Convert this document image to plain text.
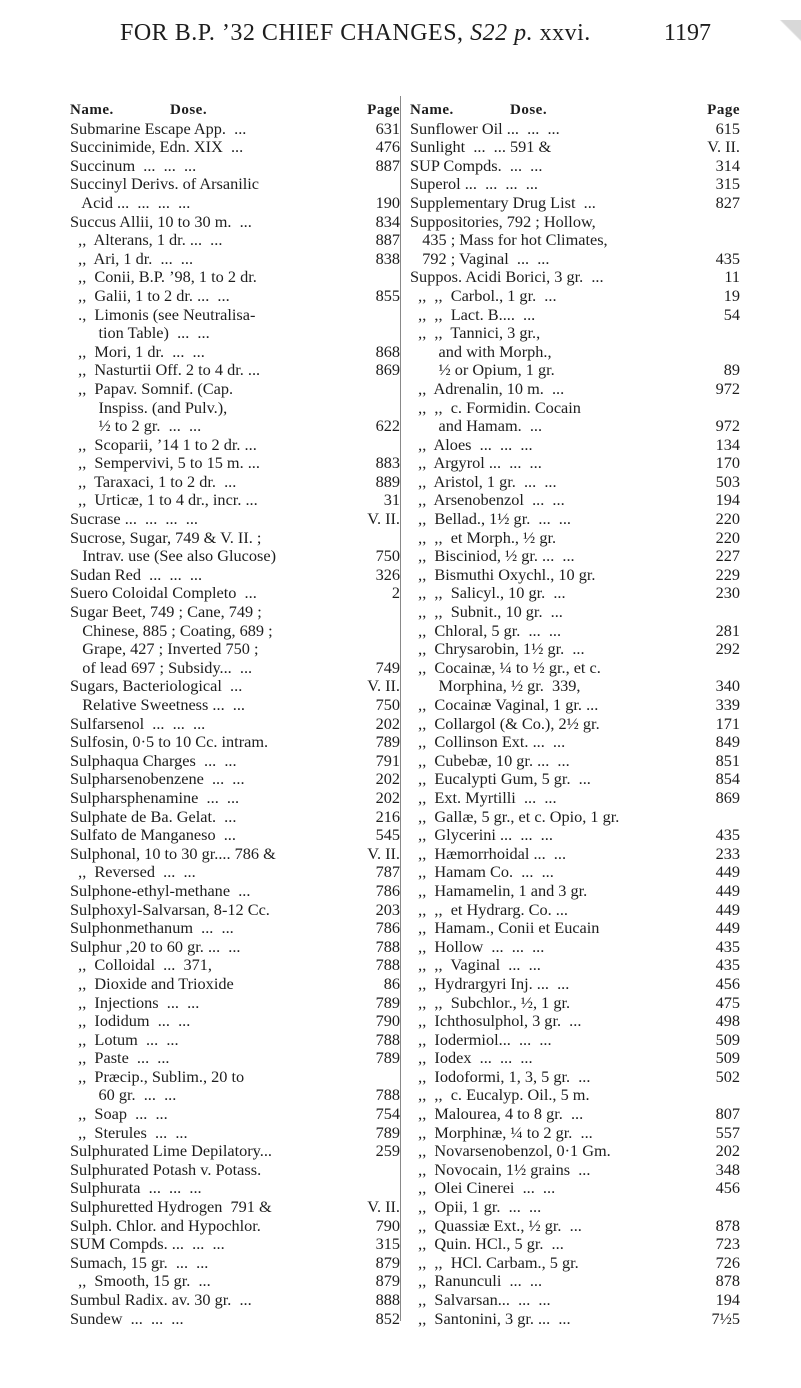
FOR B.P. ’32 CHIEF CHANGES, S22 p. xxvi.	1197
Name.	Dose.	Page
Submarine Escape App.  ...	631
Succinimide, Edn. XIX  ...	476
Succinum  ...  ...  ...	887
Succinyl Derivs. of Arsanilic
Acid ...  ...  ...  ...	190
Succus Allii, 10 to 30 m.  ...	834
,,  Alterans, 1 dr. ...  ...	887
,,  Ari, 1 dr.  ...  ...	838
,,  Conii, B.P. ’98, 1 to 2 dr.
,,  Galii, 1 to 2 dr. ...  ...	855
.,  Limonis (see Neutralisa-
tion Table)  ...  ...
,,  Mori, 1 dr.  ...  ...	868
,,  Nasturtii Off. 2 to 4 dr. ...	869
,,  Papav. Somnif. (Cap.
Inspiss. (and Pulv.),
½ to 2 gr.  ...  ...	622
,,  Scoparii, ’14 1 to 2 dr. ...
,,  Sempervivi, 5 to 15 m. ...	883
,,  Taraxaci, 1 to 2 dr.  ...	889
,,  Urticæ, 1 to 4 dr., incr. ...	31
Sucrase ...  ...  ...  ...	V. II.
Sucrose, Sugar, 749 & V. II. ;
Intrav. use (See also Glucose)	750
Sudan Red  ...  ...  ...	326
Suero Coloidal Completo  ...	2
Sugar Beet, 749 ; Cane, 749 ;
Chinese, 885 ; Coating, 689 ;
Grape, 427 ; Inverted 750 ;
of lead 697 ; Subsidy...  ...	749
Sugars, Bacteriological  ...	V. II.
Relative Sweetness ...  ...	750
Sulfarsenol  ...  ...  ...	202
Sulfosin, 0·5 to 10 Cc. intram.	789
Sulphaqua Charges  ...  ...	791
Sulpharsenobenzene  ...  ...	202
Sulpharsphenamine  ...  ...	202
Sulphate de Ba. Gelat.  ...	216
Sulfato de Manganeso  ...	545
Sulphonal, 10 to 30 gr.... 786 &	V. II.
,,  Reversed  ...  ...	787
Sulphone-ethyl-methane  ...	786
Sulphoxyl-Salvarsan, 8-12 Cc.	203
Sulphonmethanum  ...  ...	786
Sulphur ,20 to 60 gr. ...  ...	788
,,  Colloidal  ...  371,	788
,,  Dioxide and Trioxide	86
,,  Injections  ...  ...	789
,,  Iodidum  ...  ...	790
,,  Lotum  ...  ...	788
,,  Paste  ...  ...	789
,,  Præcip., Sublim., 20 to
60 gr.  ...  ...	788
,,  Soap  ...  ...	754
,,  Sterules  ...  ...	789
Sulphurated Lime Depilatory...	259
Sulphurated Potash v. Potass.
Sulphurata  ...  ...  ...
Sulphuretted Hydrogen  791 &	V. II.
Sulph. Chlor. and Hypochlor.	790
SUM Compds. ...  ...  ...	315
Sumach, 15 gr.  ...  ...	879
,,  Smooth, 15 gr.  ...	879
Sumbul Radix. av. 30 gr.  ...	888
Sundew  ...  ...  ...	852
Name.	Dose.	Page
Sunflower Oil ...  ...  ...	615
Sunlight  ...  ... 591 &	V. II.
SUP Compds.  ...  ...	314
Superol ...  ...  ...  ...	315
Supplementary Drug List  ...	827
Suppositories, 792 ; Hollow,
435 ; Mass for hot Climates,
792 ; Vaginal  ...  ...	435
Suppos. Acidi Borici, 3 gr.  ...	11
,,  ,,  Carbol., 1 gr.  ...	19
,,  ,,  Lact. B....  ...	54
,,  ,,  Tannici, 3 gr.,
and with Morph.,
½ or Opium, 1 gr.	89
,,  Adrenalin, 10 m.  ...	972
,,  ,,  c. Formidin. Cocain
and Hamam.  ...	972
,,  Aloes  ...  ...  ...	134
,,  Argyrol ...  ...  ...	170
,,  Aristol, 1 gr.  ...  ...	503
,,  Arsenobenzol  ...  ...	194
,,  Bellad., 1½ gr.  ...  ...	220
,,  ,,  et Morph., ½ gr.	220
,,  Bisciniod, ½ gr. ...  ...	227
,,  Bismuthi Oxychl., 10 gr.	229
,,  ,,  Salicyl., 10 gr.  ...	230
,,  ,,  Subnit., 10 gr.  ...
,,  Chloral, 5 gr.  ...  ...	281
,,  Chrysarobin, 1½ gr.  ...	292
,,  Cocainæ, ¼ to ½ gr., et c.
Morphina, ½ gr.  339,	340
,,  Cocainæ Vaginal, 1 gr. ...	339
,,  Collargol (& Co.), 2½ gr.	171
,,  Collinson Ext. ...  ...	849
,,  Cubebæ, 10 gr. ...  ...	851
,,  Eucalypti Gum, 5 gr.  ...	854
,,  Ext. Myrtilli  ...  ...	869
,,  Gallæ, 5 gr., et c. Opio, 1 gr.
,,  Glycerini ...  ...  ...	435
,,  Hæmorrhoidal ...  ...	233
,,  Hamam Co.  ...  ...	449
,,  Hamamelin, 1 and 3 gr.	449
,,  ,,  et Hydrarg. Co. ...	449
,,  Hamam., Conii et Eucain	449
,,  Hollow  ...  ...  ...	435
,,  ,,  Vaginal  ...  ...	435
,,  Hydrargyri Inj. ...  ...	456
,,  ,,  Subchlor., ½, 1 gr.	475
,,  Ichthosulphol, 3 gr.  ...	498
,,  Iodermiol...  ...  ...	509
,,  Iodex  ...  ...  ...	509
,,  Iodoformi, 1, 3, 5 gr.  ...	502
,,  ,,  c. Eucalyp. Oil., 5 m.
,,  Malourea, 4 to 8 gr.  ...	807
,,  Morphinæ, ¼ to 2 gr.  ...	557
,,  Novarsenobenzol, 0·1 Gm.	202
,,  Novocain, 1½ grains  ...	348
,,  Olei Cinerei  ...  ...	456
,,  Opii, 1 gr.  ...  ...
,,  Quassiæ Ext., ½ gr.  ...	878
,,  Quin. HCl., 5 gr.  ...	723
,,  ,,  HCl. Carbam., 5 gr.	726
,,  Ranunculi  ...  ...	878
,,  Salvarsan...  ...  ...	194
,,  Santonini, 3 gr. ...  ...	7½5
